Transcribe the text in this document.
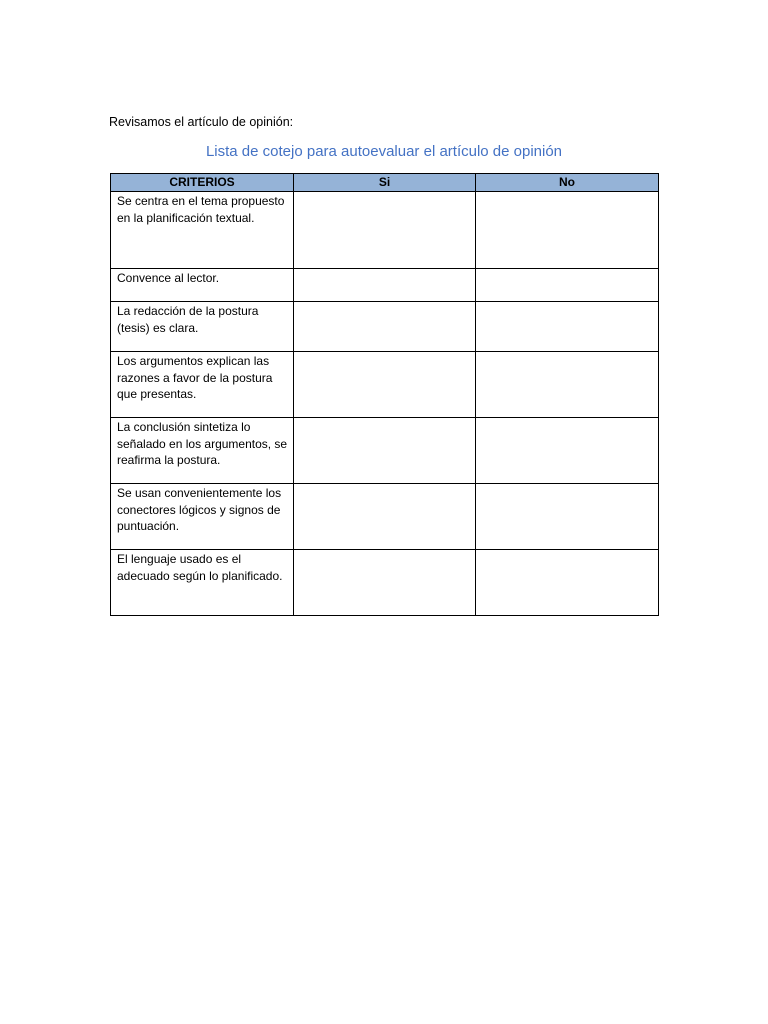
Revisamos el artículo de opinión:
Lista de cotejo para autoevaluar el artículo de opinión
CRITERIOS	Si	No
Se centra en el tema propuesto en la planificación textual.		
Convence al lector.		
La redacción de la postura (tesis) es clara.		
Los argumentos explican las razones a favor de la postura que presentas.		
La conclusión sintetiza lo señalado en los argumentos, se reafirma la postura.		
Se usan convenientemente los conectores lógicos y signos de puntuación.		
El lenguaje usado es el adecuado según lo planificado.		
